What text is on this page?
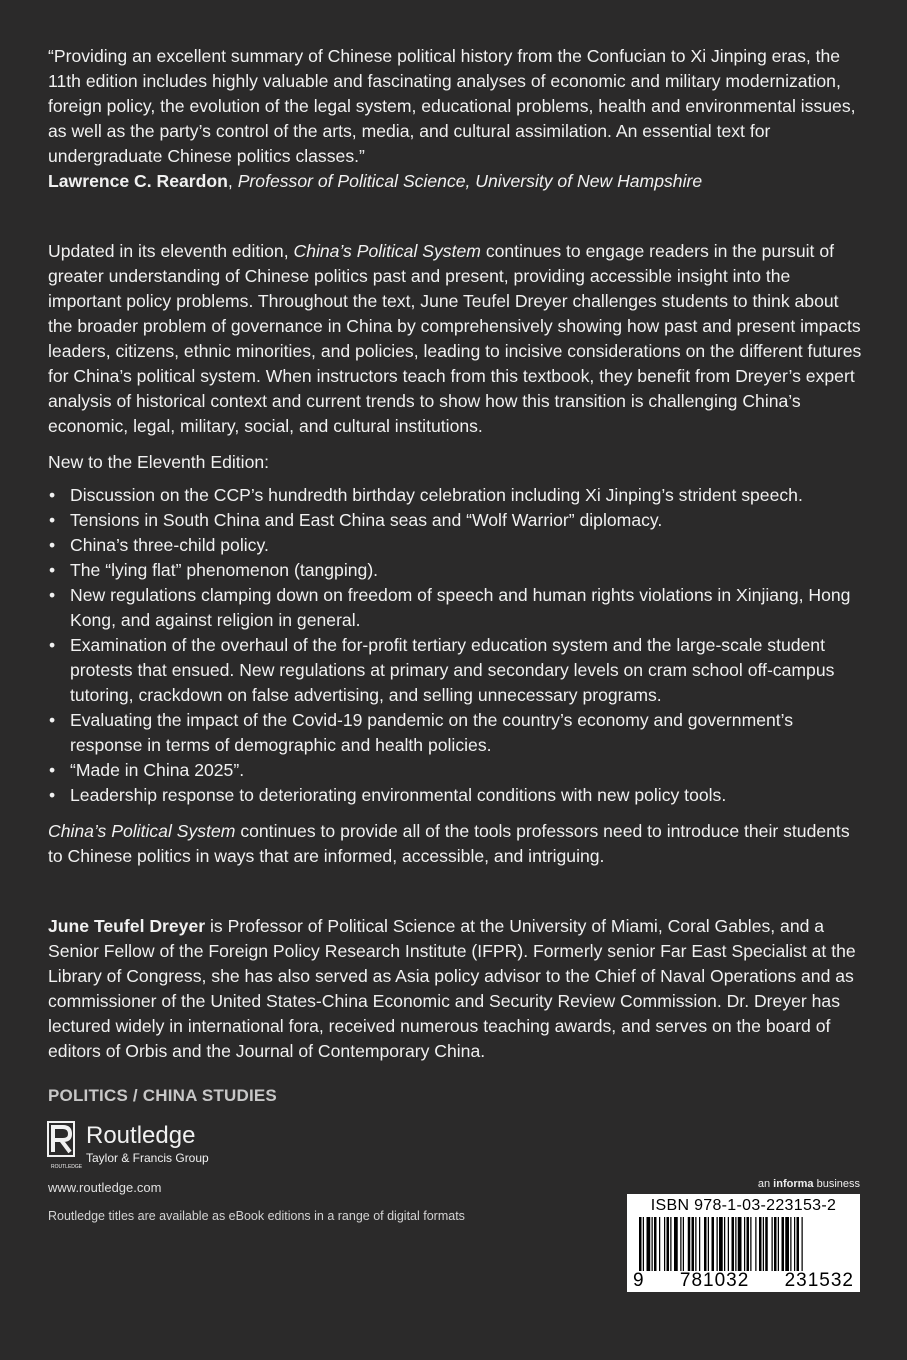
“Providing an excellent summary of Chinese political history from the Confucian to Xi Jinping eras, the 11th edition includes highly valuable and fascinating analyses of economic and military modernization, foreign policy, the evolution of the legal system, educational problems, health and environmental issues, as well as the party’s control of the arts, media, and cultural assimilation. An essential text for undergraduate Chinese politics classes.”
Lawrence C. Reardon, Professor of Political Science, University of New Hampshire

Updated in its eleventh edition, China’s Political System continues to engage readers in the pursuit of greater understanding of Chinese politics past and present, providing accessible insight into the important policy problems. Throughout the text, June Teufel Dreyer challenges students to think about the broader problem of governance in China by comprehensively showing how past and present impacts leaders, citizens, ethnic minorities, and policies, leading to incisive considerations on the different futures for China’s political system. When instructors teach from this textbook, they benefit from Dreyer’s expert analysis of historical context and current trends to show how this transition is challenging China’s economic, legal, military, social, and cultural institutions.

New to the Eleventh Edition:

• Discussion on the CCP’s hundredth birthday celebration including Xi Jinping’s strident speech.
• Tensions in South China and East China seas and “Wolf Warrior” diplomacy.
• China’s three-child policy.
• The “lying flat” phenomenon (tangping).
• New regulations clamping down on freedom of speech and human rights violations in Xinjiang, Hong Kong, and against religion in general.
• Examination of the overhaul of the for-profit tertiary education system and the large-scale student protests that ensued. New regulations at primary and secondary levels on cram school off-campus tutoring, crackdown on false advertising, and selling unnecessary programs.
• Evaluating the impact of the Covid-19 pandemic on the country’s economy and government’s response in terms of demographic and health policies.
• “Made in China 2025”.
• Leadership response to deteriorating environmental conditions with new policy tools.

China’s Political System continues to provide all of the tools professors need to introduce their students to Chinese politics in ways that are informed, accessible, and intriguing.

June Teufel Dreyer is Professor of Political Science at the University of Miami, Coral Gables, and a Senior Fellow of the Foreign Policy Research Institute (IFPR). Formerly senior Far East Specialist at the Library of Congress, she has also served as Asia policy advisor to the Chief of Naval Operations and as commissioner of the United States-China Economic and Security Review Commission. Dr. Dreyer has lectured widely in international fora, received numerous teaching awards, and serves on the board of editors of Orbis and the Journal of Contemporary China.

POLITICS / CHINA STUDIES

ROUTLEDGE
Routledge
Taylor & Francis Group

www.routledge.com

Routledge titles are available as eBook editions in a range of digital formats

an informa business
ISBN 978-1-03-223153-2
9 781032 231532
